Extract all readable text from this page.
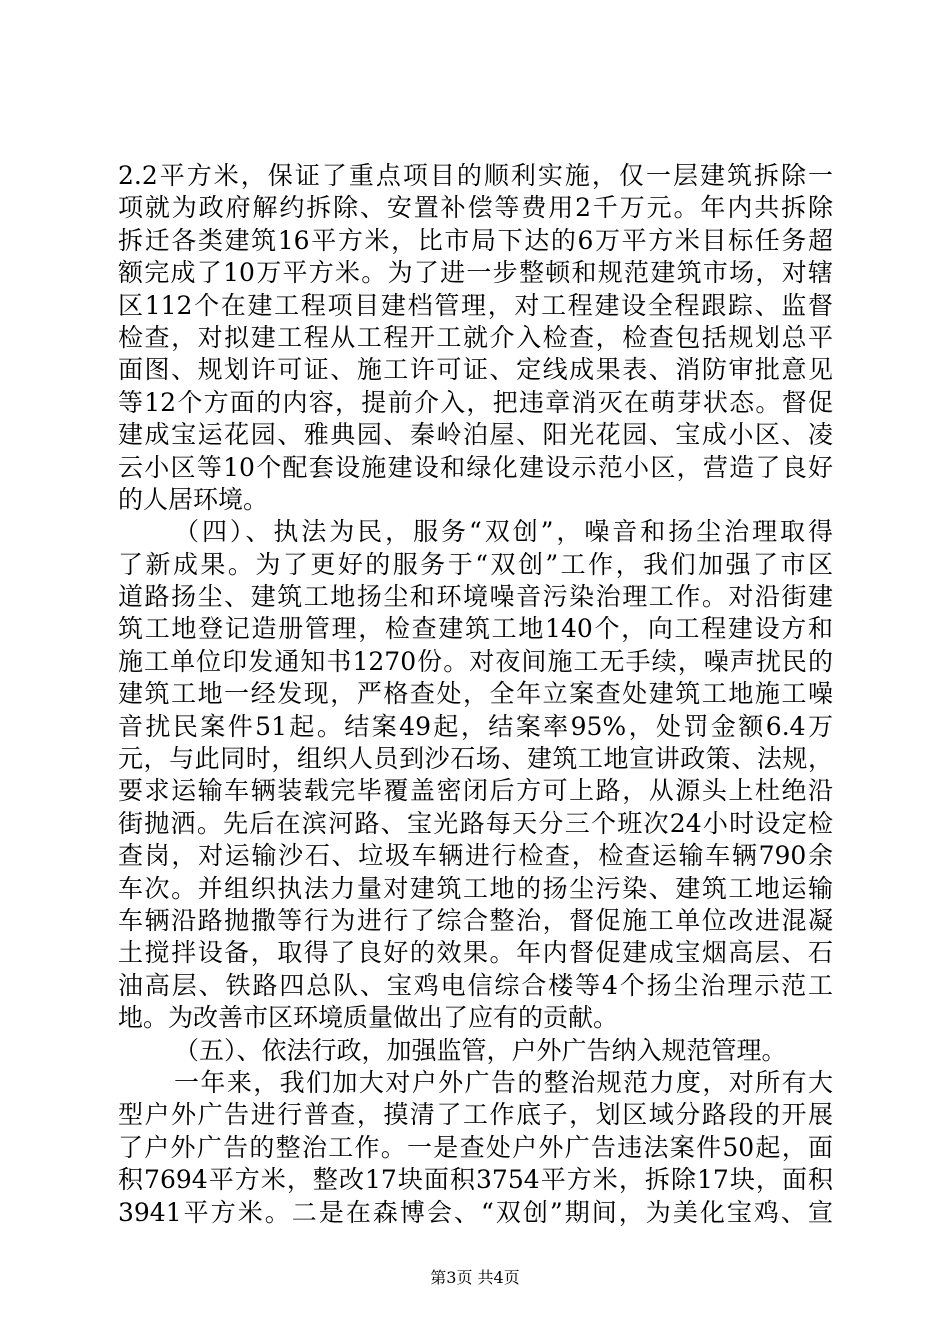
2.2平方米，保证了重点项目的顺利实施，仅一层建筑拆除一
项就为政府解约拆除、安置补偿等费用2千万元。年内共拆除
拆迁各类建筑16平方米，比市局下达的6万平方米目标任务超
额完成了10万平方米。为了进一步整顿和规范建筑市场，对辖
区112个在建工程项目建档管理，对工程建设全程跟踪、监督
检查，对拟建工程从工程开工就介入检查，检查包括规划总平
面图、规划许可证、施工许可证、定线成果表、消防审批意见
等12个方面的内容，提前介入，把违章消灭在萌芽状态。督促
建成宝运花园、雅典园、秦岭泊屋、阳光花园、宝成小区、凌
云小区等10个配套设施建设和绿化建设示范小区，营造了良好
的人居环境。
（四）、执法为民，服务“双创”，噪音和扬尘治理取得
了新成果。为了更好的服务于“双创”工作，我们加强了市区
道路扬尘、建筑工地扬尘和环境噪音污染治理工作。对沿街建
筑工地登记造册管理，检查建筑工地140个，向工程建设方和
施工单位印发通知书1270份。对夜间施工无手续，噪声扰民的
建筑工地一经发现，严格查处，全年立案查处建筑工地施工噪
音扰民案件51起。结案49起，结案率95%，处罚金额6.4万
元，与此同时，组织人员到沙石场、建筑工地宣讲政策、法规，
要求运输车辆装载完毕覆盖密闭后方可上路，从源头上杜绝沿
街抛洒。先后在滨河路、宝光路每天分三个班次24小时设定检
查岗，对运输沙石、垃圾车辆进行检查，检查运输车辆790余
车次。并组织执法力量对建筑工地的扬尘污染、建筑工地运输
车辆沿路抛撒等行为进行了综合整治，督促施工单位改进混凝
土搅拌设备，取得了良好的效果。年内督促建成宝烟高层、石
油高层、铁路四总队、宝鸡电信综合楼等4个扬尘治理示范工
地。为改善市区环境质量做出了应有的贡献。
（五）、依法行政，加强监管，户外广告纳入规范管理。
一年来，我们加大对户外广告的整治规范力度，对所有大
型户外广告进行普查，摸清了工作底子，划区域分路段的开展
了户外广告的整治工作。一是查处户外广告违法案件50起，面
积7694平方米，整改17块面积3754平方米，拆除17块，面积
3941平方米。二是在森博会、“双创”期间，为美化宝鸡、宣
第3页 共4页
